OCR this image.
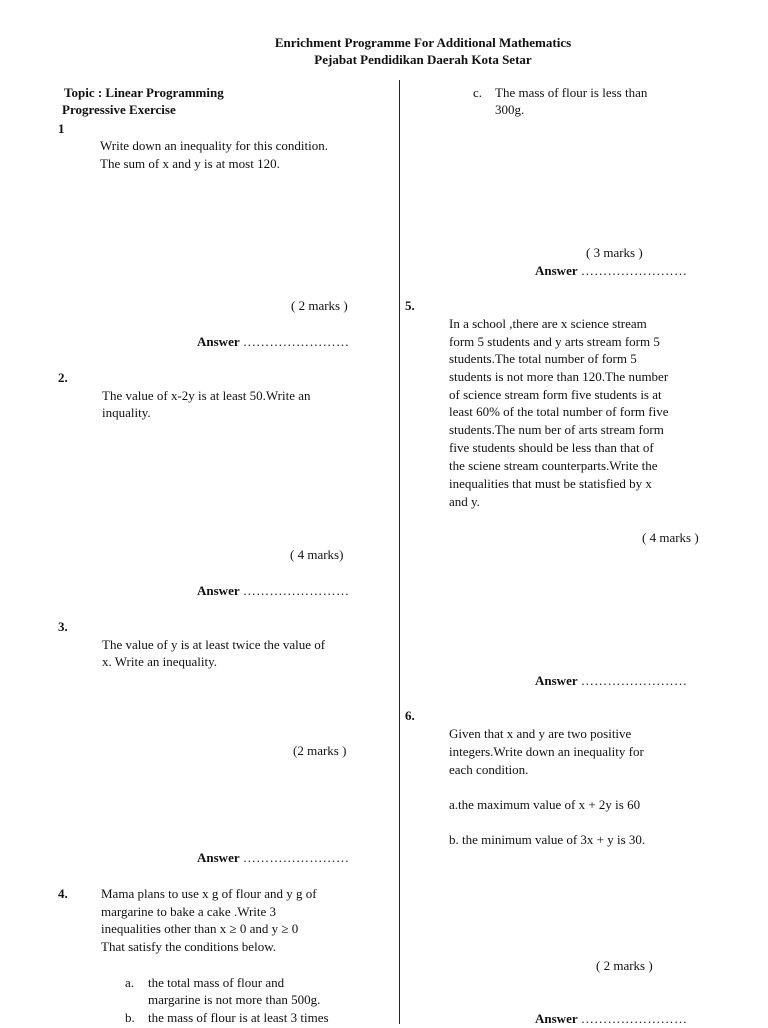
Enrichment Programme For Additional Mathematics
Pejabat Pendidikan Daerah Kota Setar
Topic : Linear Programming
Progressive Exercise
1
Write down an inequality for this condition.
The sum of x and y is at most 120.
( 2 marks )
Answer ……………………
2.
The value of x-2y is at least 50.Write an
inquality.
( 4 marks)
Answer ……………………
3.
The value of y is at least twice the value of
x. Write an inequality.
(2 marks )
Answer ……………………
4.	Mama plans to use x g of flour and y g of
margarine to bake a cake .Write 3
inequalities other than x ≥ 0 and y ≥ 0
That satisfy the conditions below.
a. the total mass of flour and
margarine is not more than 500g.
b. the mass of flour is at least 3 times
c. The mass of flour is less than
300g.
( 3 marks )
Answer ……………………
5.
In a school ,there are x science stream
form 5 students and y arts stream form 5
students.The total number of form 5
students is not more than 120.The number
of science stream form five students is at
least 60% of the total number of form five
students.The num ber of arts stream form
five students should be less than that of
the sciene stream counterparts.Write the
inequalities that must be statisfied by x
and y.
( 4 marks )
Answer ……………………
6.
Given that x and y are two positive
integers.Write down an inequality for
each condition.
a.the maximum value of x + 2y is 60
b. the minimum value of 3x + y is 30.
( 2 marks )
Answer ……………………
